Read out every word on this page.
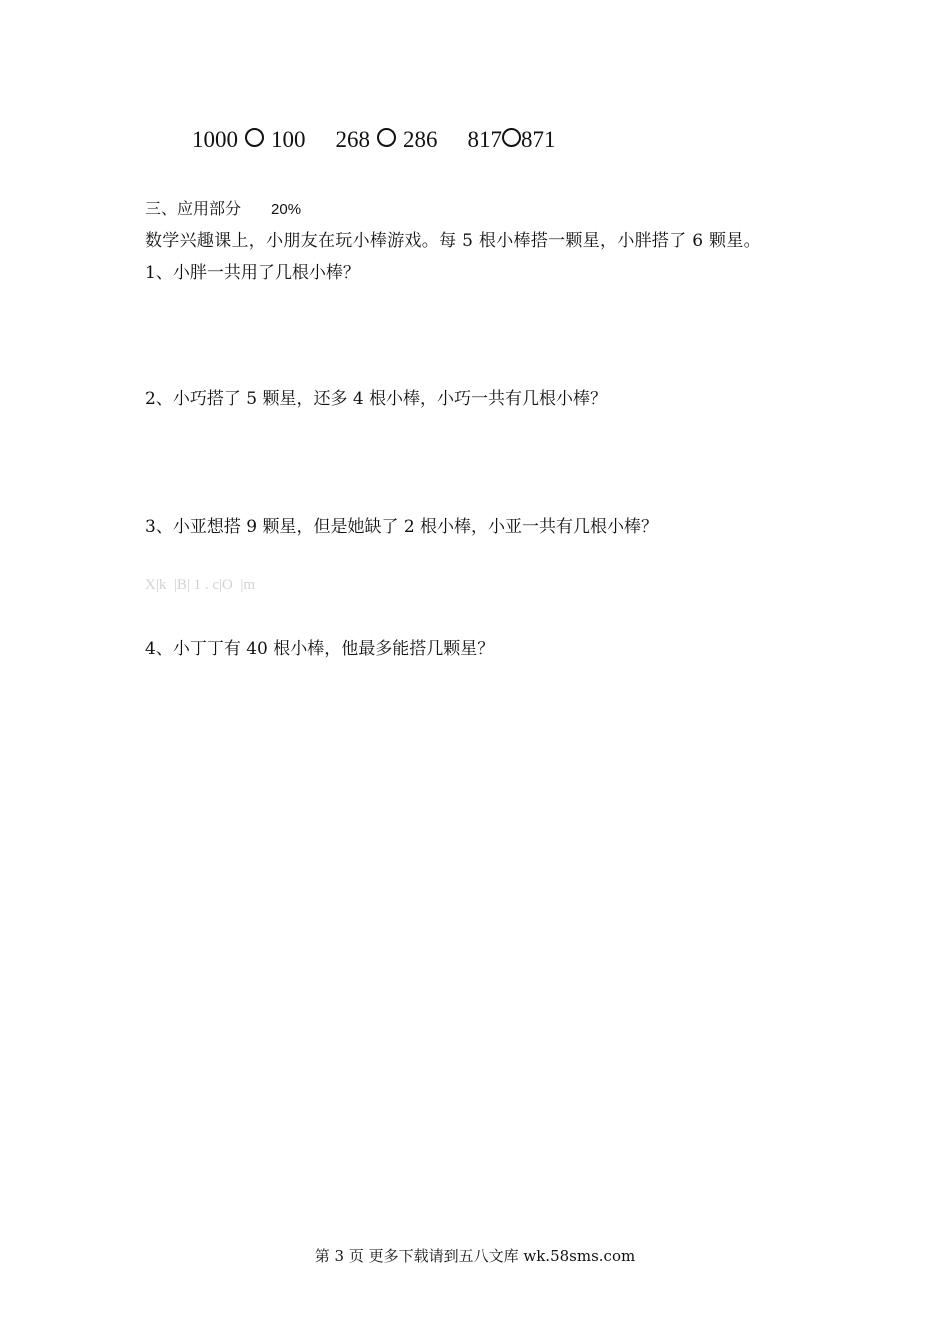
1000 100 268 286 817 871
三、应用部分 20%
数学兴趣课上，小朋友在玩小棒游戏。每 5 根小棒搭一颗星，小胖搭了 6 颗星。
1、小胖一共用了几根小棒？
2、小巧搭了 5 颗星，还多 4 根小棒，小巧一共有几根小棒？
3、小亚想搭 9 颗星，但是她缺了 2 根小棒，小亚一共有几根小棒？
X|k  |B| 1 . c|O  |m
4、小丁丁有 40 根小棒，他最多能搭几颗星？
第 3 页 更多下载请到五八文库 wk.58sms.com
